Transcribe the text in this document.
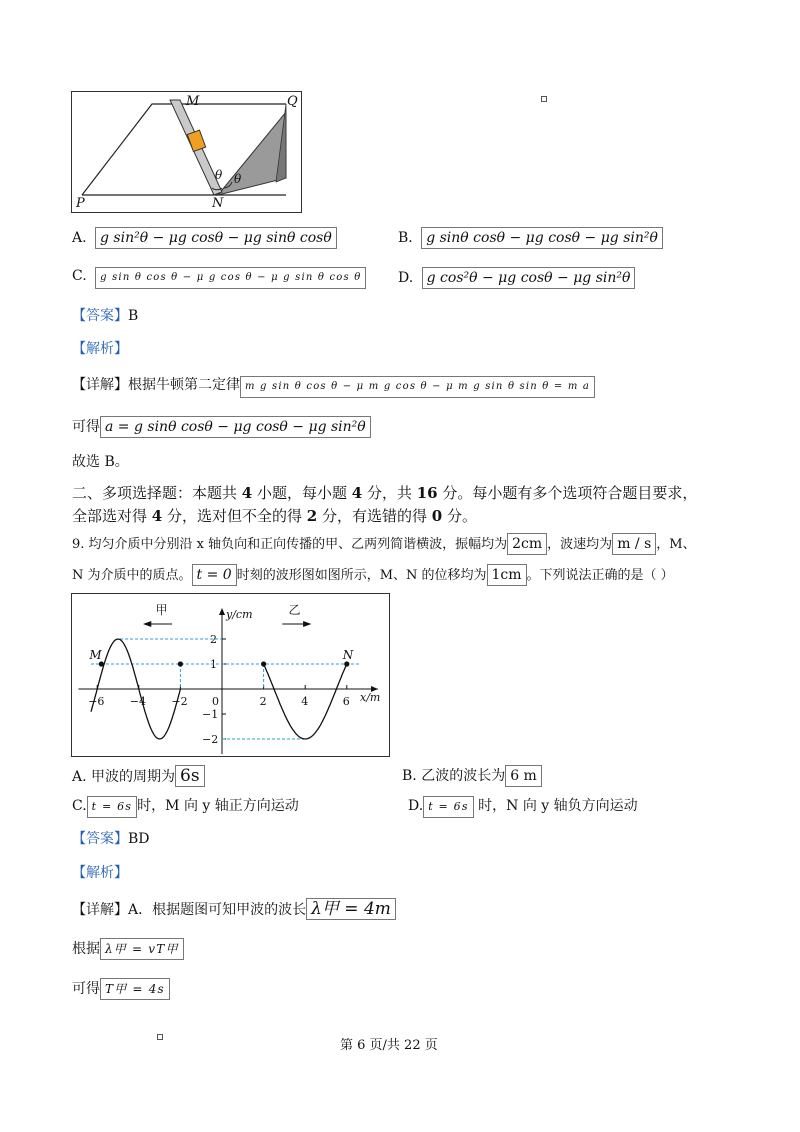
M	Q
P	N
θ θ
A. g sin²θ − μg cosθ − μg sinθ cosθ	B. g sinθ cosθ − μg cosθ − μg sin²θ
C. g sin θ cos θ − μ g cos θ − μ g sin θ cos θ	D. g cos²θ − μg cosθ − μg sin²θ
【答案】B
【解析】
【详解】根据牛顿第二定律 m g sin θ cos θ − μ m g cos θ − μ m g sin θ sin θ = m a
可得 a = g sinθ cosθ − μg cosθ − μg sin²θ
故选 B。
二、多项选择题：本题共 4 小题，每小题 4 分，共 16 分。每小题有多个选项符合题目要求，
全部选对得 4 分，选对但不全的得 2 分，有选错的得 0 分。
9. 均匀介质中分别沿 x 轴负向和正向传播的甲、乙两列简谐横波，振幅均为 2cm ，波速均为 m / s ，M、
N 为介质中的质点。 t = 0 时刻的波形图如图所示，M、N 的位移均为 1cm 。下列说法正确的是（ ）
x/m
y/cm
0
−6 −4 −2	2	4	6
2
1
−1
−2
M	N
甲	乙
A. 甲波的周期为 6s	B. 乙波的波长为 6 m
C. t = 6s 时，M 向 y 轴正方向运动	D. t = 6s 时，N 向 y 轴负方向运动
【答案】BD
【解析】
【详解】A．根据题图可知甲波的波长 λ甲 = 4m
根据 λ甲 = vT甲
可得 T甲 = 4s
第 6 页/共 22 页
